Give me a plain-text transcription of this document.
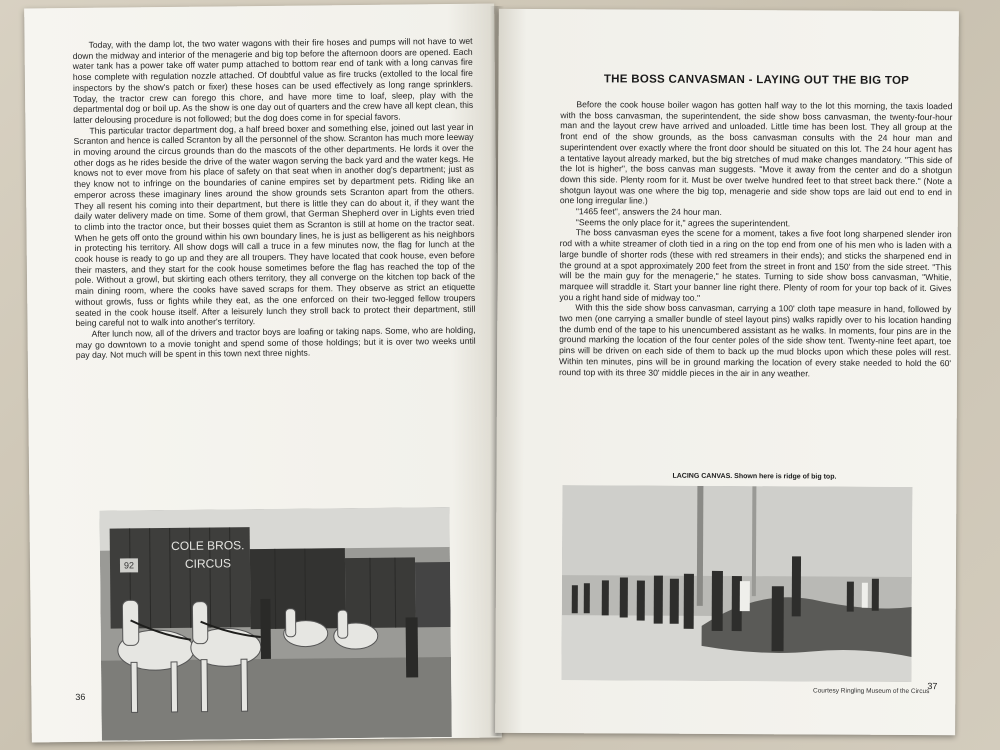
Today, with the damp lot, the two water wagons with their fire hoses and pumps will not have to wet down the midway and interior of the menagerie and big top before the afternoon doors are opened. Each water tank has a power take off water pump attached to bottom rear end of tank with a long canvas fire hose complete with regulation nozzle attached. Of doubtful value as fire trucks (extolled to the local fire inspectors by the show's patch or fixer) these hoses can be used effectively as long range sprinklers. Today, the tractor crew can forego this chore, and have more time to loaf, sleep, play with the departmental dog or boil up. As the show is one day out of quarters and the crew have all kept clean, this latter delousing procedure is not followed; but the dog does come in for special favors.

This particular tractor department dog, a half breed boxer and something else, joined out last year in Scranton and hence is called Scranton by all the personnel of the show. Scranton has much more leeway in moving around the circus grounds than do the mascots of the other departments. He lords it over the other dogs as he rides beside the drive of the water wagon serving the back yard and the water kegs. He knows not to ever move from his place of safety on that seat when in another dog's department; just as they know not to infringe on the boundaries of canine empires set by department pets. Riding like an emperor across these imaginary lines around the show grounds sets Scranton apart from the others. They all resent his coming into their department, but there is little they can do about it, if they want the daily water delivery made on time. Some of them growl, that German Shepherd over in Lights even tried to climb into the tractor once, but their bosses quiet them as Scranton is still at home on the tractor seat. When he gets off onto the ground within his own boundary lines, he is just as belligerent as his neighbors in protecting his territory. All show dogs will call a truce in a few minutes now, the flag for lunch at the cook house is ready to go up and they are all troupers. They have located that cook house, even before their masters, and they start for the cook house sometimes before the flag has reached the top of the pole. Without a growl, but skirting each others territory, they all converge on the kitchen top back of the main dining room, where the cooks have saved scraps for them. They observe as strict an etiquette without growls, fuss or fights while they eat, as the one enforced on their two-legged fellow troupers seated in the cook house itself. After a leisurely lunch they stroll back to protect their department, still being careful not to walk into another's territory.

After lunch now, all of the drivers and tractor boys are loafing or taking naps. Some, who are holding, may go downtown to a movie tonight and spend some of those holdings; but it is over two weeks until pay day. Not much will be spent in this town next three nights.

92
COLE BROS.
CIRCUS
36
THE BOSS CANVASMAN - LAYING OUT THE BIG TOP

Before the cook house boiler wagon has gotten half way to the lot this morning, the taxis loaded with the boss canvasman, the superintendent, the side show boss canvasman, the twenty-four-hour man and the layout crew have arrived and unloaded. Little time has been lost. They all group at the front end of the show grounds, as the boss canvasman consults with the 24 hour man and superintendent over exactly where the front door should be situated on this lot. The 24 hour agent has a tentative layout already marked, but the big stretches of mud make changes mandatory. "This side of the lot is higher", the boss canvas man suggests. "Move it away from the center and do a shotgun down this side. Plenty room for it. Must be over twelve hundred feet to that street back there." (Note a shotgun layout was one where the big top, menagerie and side show tops are laid out end to end in one long irregular line.)

"1465 feet", answers the 24 hour man.

"Seems the only place for it," agrees the superintendent.

The boss canvasman eyes the scene for a moment, takes a five foot long sharpened slender iron rod with a white streamer of cloth tied in a ring on the top end from one of his men who is laden with a large bundle of shorter rods (these with red streamers in their ends); and sticks the sharpened end in the ground at a spot approximately 200 feet from the street in front and 150' from the side street. "This will be the main guy for the menagerie," he states. Turning to side show boss canvasman, "Whitie, marquee will straddle it. Start your banner line right there. Plenty of room for your top back of it. Gives you a right hand side of midway too."

With this the side show boss canvasman, carrying a 100' cloth tape measure in hand, followed by two men (one carrying a smaller bundle of steel layout pins) walks rapidly over to his location handing the dumb end of the tape to his unencumbered assistant as he walks. In moments, four pins are in the ground marking the location of the four center poles of the side show tent. Twenty-nine feet apart, toe pins will be driven on each side of them to back up the mud blocks upon which these poles will rest. Within ten minutes, pins will be in ground marking the location of every stake needed to hold the 60' round top with its three 30' middle pieces in the air in any weather.

LACING CANVAS. Shown here is ridge of big top.
Courtesy Ringling Museum of the Circus
37
